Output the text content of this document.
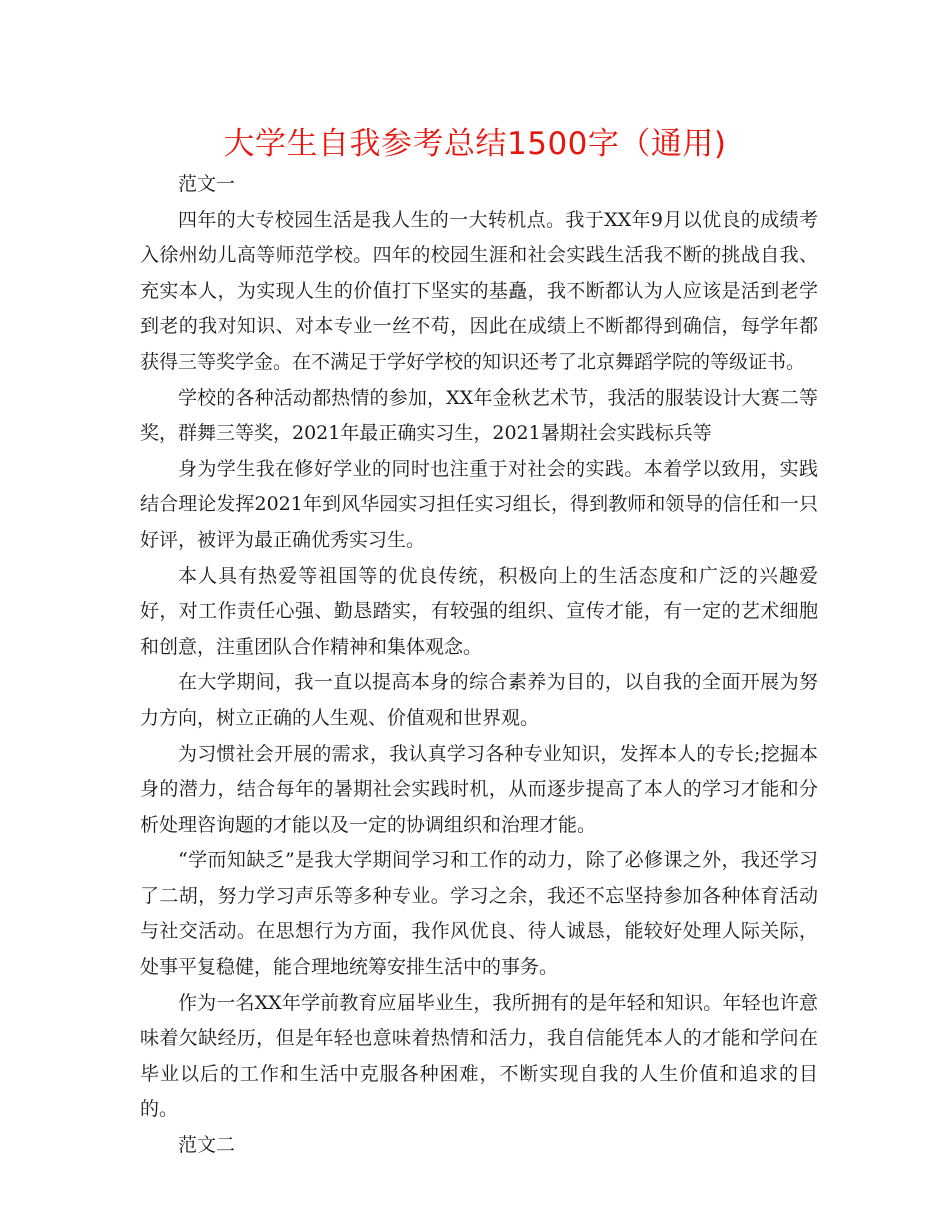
大学生自我参考总结1500字（通用)

范文一

四年的大专校园生活是我人生的一大转机点。我于XX年9月以优良的成绩考入徐州幼儿高等师范学校。四年的校园生涯和社会实践生活我不断的挑战自我、充实本人，为实现人生的价值打下坚实的基矗，我不断都认为人应该是活到老学到老的我对知识、对本专业一丝不苟，因此在成绩上不断都得到确信，每学年都获得三等奖学金。在不满足于学好学校的知识还考了北京舞蹈学院的等级证书。

学校的各种活动都热情的参加，XX年金秋艺术节，我活的服装设计大赛二等奖，群舞三等奖，2021年最正确实习生，2021暑期社会实践标兵等

身为学生我在修好学业的同时也注重于对社会的实践。本着学以致用，实践结合理论发挥2021年到风华园实习担任实习组长，得到教师和领导的信任和一只好评，被评为最正确优秀实习生。

本人具有热爱等祖国等的优良传统，积极向上的生活态度和广泛的兴趣爱好，对工作责任心强、勤恳踏实，有较强的组织、宣传才能，有一定的艺术细胞和创意，注重团队合作精神和集体观念。

在大学期间，我一直以提高本身的综合素养为目的，以自我的全面开展为努力方向，树立正确的人生观、价值观和世界观。

为习惯社会开展的需求，我认真学习各种专业知识，发挥本人的专长;挖掘本身的潜力，结合每年的暑期社会实践时机，从而逐步提高了本人的学习才能和分析处理咨询题的才能以及一定的协调组织和治理才能。

“学而知缺乏”是我大学期间学习和工作的动力，除了必修课之外，我还学习了二胡，努力学习声乐等多种专业。学习之余，我还不忘坚持参加各种体育活动与社交活动。在思想行为方面，我作风优良、待人诚恳，能较好处理人际关际，处事平复稳健，能合理地统筹安排生活中的事务。

作为一名XX年学前教育应届毕业生，我所拥有的是年轻和知识。年轻也许意味着欠缺经历，但是年轻也意味着热情和活力，我自信能凭本人的才能和学问在毕业以后的工作和生活中克服各种困难，不断实现自我的人生价值和追求的目的。

范文二
